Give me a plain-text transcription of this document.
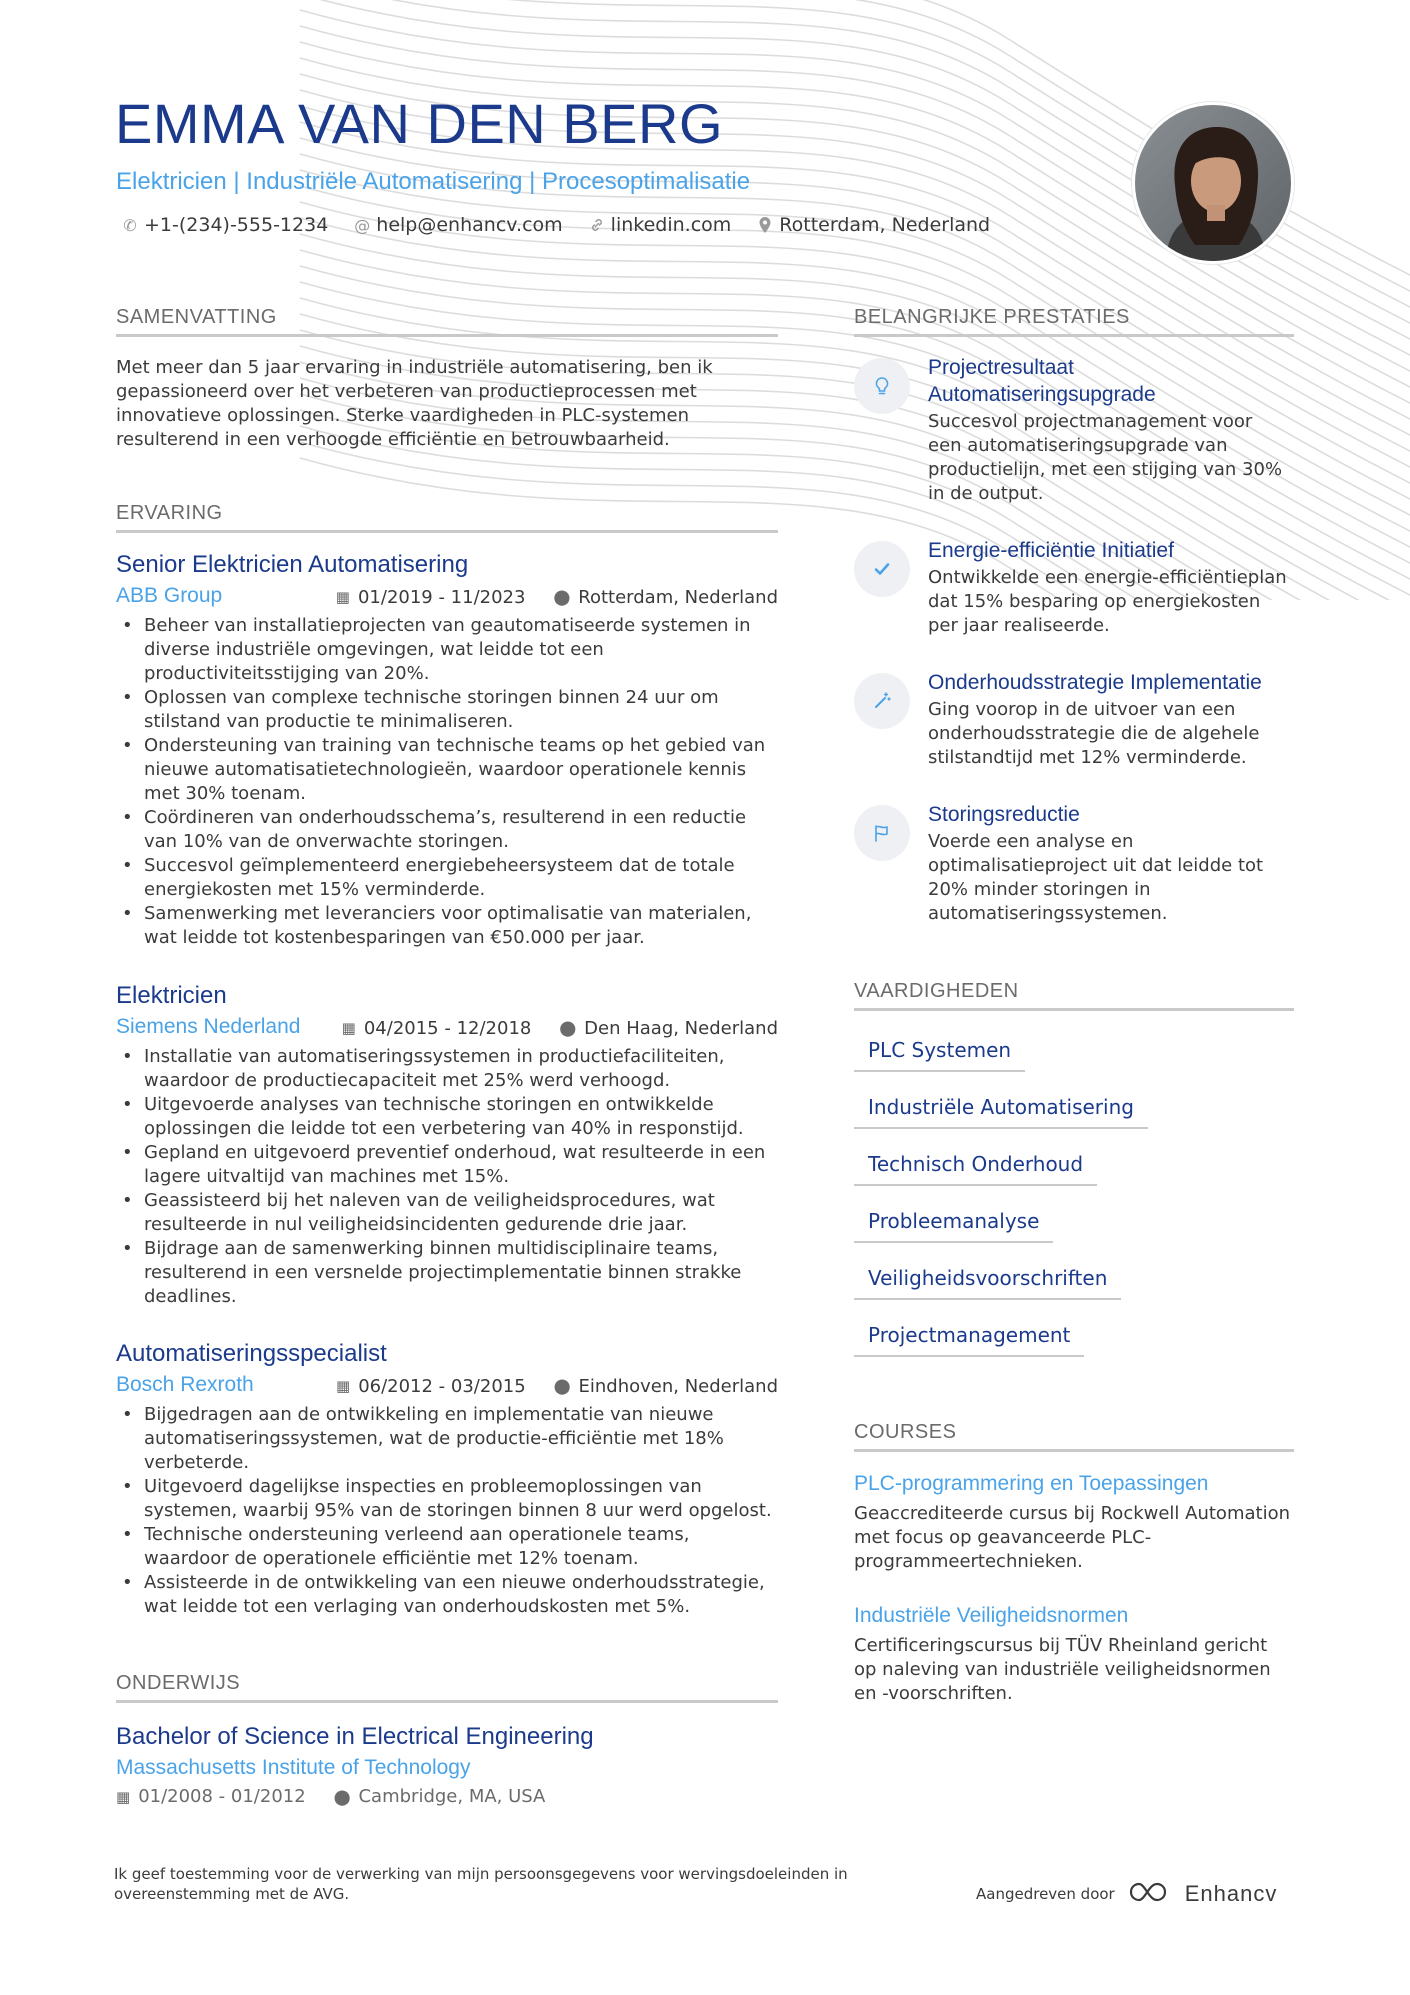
EMMA VAN DEN BERG
Elektricien | Industriële Automatisering | Procesoptimalisatie
✆ +1-(234)-555-1234 @ help@enhancv.com	linkedin.com	Rotterdam, Nederland
SAMENVATTING
Met meer dan 5 jaar ervaring in industriële automatisering, ben ik gepassioneerd over het verbeteren van productieprocessen met innovatieve oplossingen. Sterke vaardigheden in PLC-systemen resulterend in een verhoogde efficiëntie en betrouwbaarheid.
ERVARING
Senior Elektricien Automatisering
ABB Group	▦ 01/2019 - 11/2023 ⬤ Rotterdam, Nederland
• Beheer van installatieprojecten van geautomatiseerde systemen in diverse industriële omgevingen, wat leidde tot een productiviteitsstijging van 20%.
• Oplossen van complexe technische storingen binnen 24 uur om stilstand van productie te minimaliseren.
• Ondersteuning van training van technische teams op het gebied van nieuwe automatisatietechnologieën, waardoor operationele kennis met 30% toenam.
• Coördineren van onderhoudsschema’s, resulterend in een reductie van 10% van de onverwachte storingen.
• Succesvol geïmplementeerd energiebeheersysteem dat de totale energiekosten met 15% verminderde.
• Samenwerking met leveranciers voor optimalisatie van materialen, wat leidde tot kostenbesparingen van €50.000 per jaar.
Elektricien
Siemens Nederland	▦ 04/2015 - 12/2018 ⬤ Den Haag, Nederland
• Installatie van automatiseringssystemen in productiefaciliteiten, waardoor de productiecapaciteit met 25% werd verhoogd.
• Uitgevoerde analyses van technische storingen en ontwikkelde oplossingen die leidde tot een verbetering van 40% in responstijd.
• Gepland en uitgevoerd preventief onderhoud, wat resulteerde in een lagere uitvaltijd van machines met 15%.
• Geassisteerd bij het naleven van de veiligheidsprocedures, wat resulteerde in nul veiligheidsincidenten gedurende drie jaar.
• Bijdrage aan de samenwerking binnen multidisciplinaire teams, resulterend in een versnelde projectimplementatie binnen strakke deadlines.
Automatiseringsspecialist
Bosch Rexroth	▦ 06/2012 - 03/2015 ⬤ Eindhoven, Nederland
• Bijgedragen aan de ontwikkeling en implementatie van nieuwe automatiseringssystemen, wat de productie-efficiëntie met 18% verbeterde.
• Uitgevoerd dagelijkse inspecties en probleemoplossingen van systemen, waarbij 95% van de storingen binnen 8 uur werd opgelost.
• Technische ondersteuning verleend aan operationele teams, waardoor de operationele efficiëntie met 12% toenam.
• Assisteerde in de ontwikkeling van een nieuwe onderhoudsstrategie, wat leidde tot een verlaging van onderhoudskosten met 5%.
ONDERWIJS
Bachelor of Science in Electrical Engineering
Massachusetts Institute of Technology
▦ 01/2008 - 01/2012 ⬤ Cambridge, MA, USA
BELANGRIJKE PRESTATIES
Projectresultaat Automatiseringsupgrade
Succesvol projectmanagement voor een automatiseringsupgrade van productielijn, met een stijging van 30% in de output.
Energie-efficiëntie Initiatief
Ontwikkelde een energie-efficiëntieplan dat 15% besparing op energiekosten per jaar realiseerde.
Onderhoudsstrategie Implementatie
Ging voorop in de uitvoer van een onderhoudsstrategie die de algehele stilstandtijd met 12% verminderde.
Storingsreductie
Voerde een analyse en optimalisatieproject uit dat leidde tot 20% minder storingen in automatiseringssystemen.
VAARDIGHEDEN
PLC Systemen
Industriële Automatisering
Technisch Onderhoud
Probleemanalyse
Veiligheidsvoorschriften
Projectmanagement
COURSES
PLC-programmering en Toepassingen
Geaccrediteerde cursus bij Rockwell Automation met focus op geavanceerde PLC-programmeertechnieken.
Industriële Veiligheidsnormen
Certificeringscursus bij TÜV Rheinland gericht op naleving van industriële veiligheidsnormen en -voorschriften.
Ik geef toestemming voor de verwerking van mijn persoonsgegevens voor wervingsdoeleinden in overeenstemming met de AVG.	Aangedreven door	Enhancv
